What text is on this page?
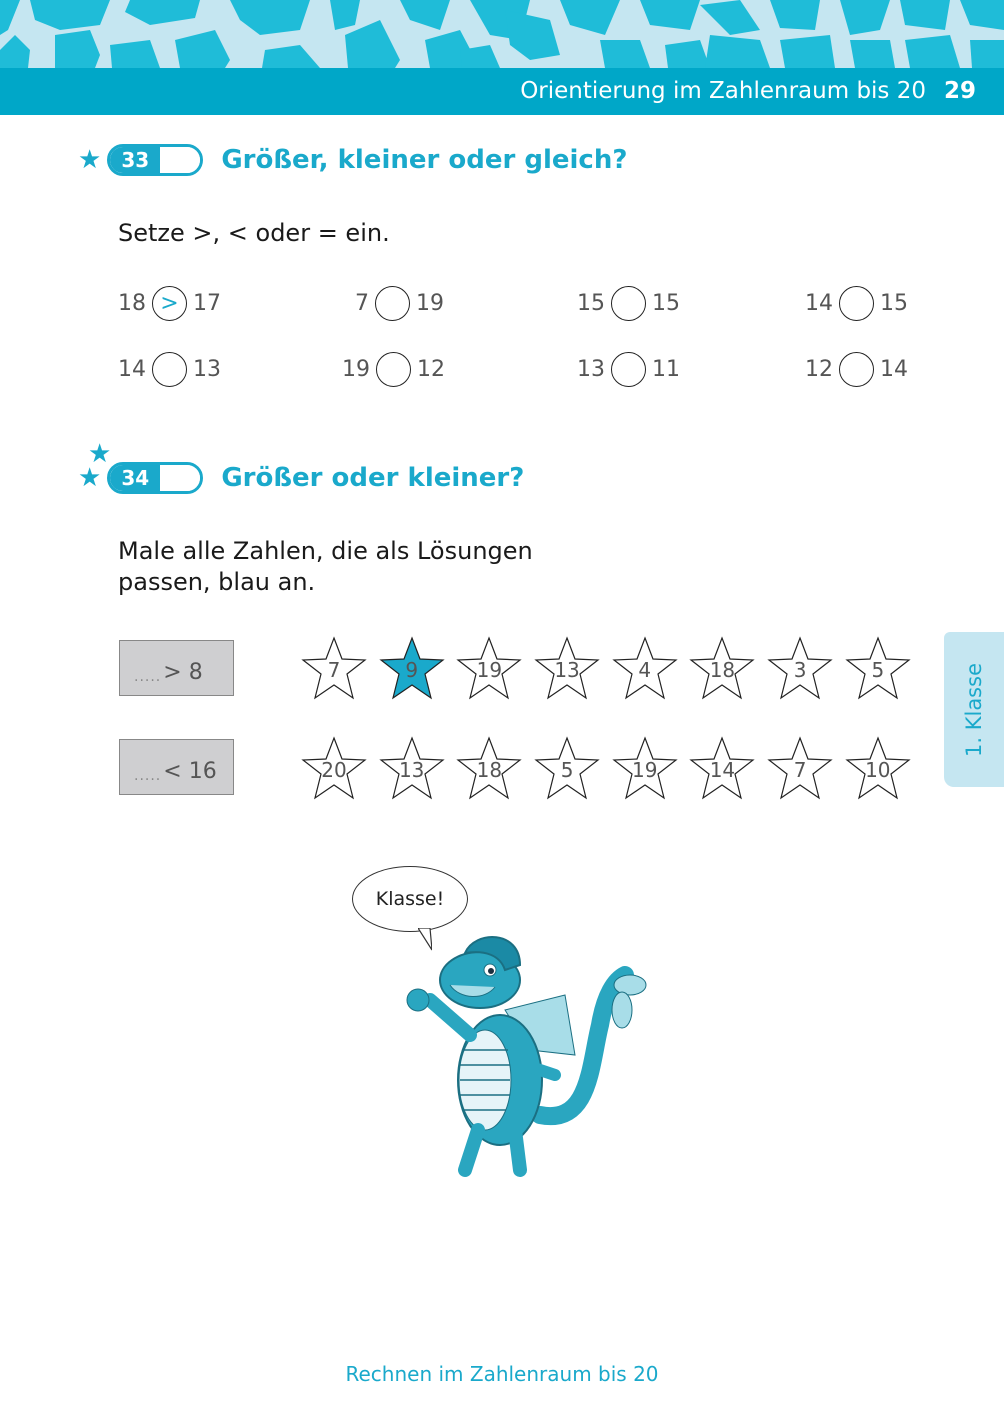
Orientierung im Zahlenraum bis 20 29
★	33	Größer, kleiner oder gleich?
Setze >, < oder = ein.
18 > 17	7 19	15 15	14 15
14 13	19 12	13 11	12 14
★
★	34	Größer oder kleiner?
Male alle Zahlen, die als Lösungen
passen, blau an.
..... > 8	7	9	19	13	4	18	3	5
..... < 16	20	13	18	5	19	14	7	10
1. Klasse
Klasse!
Rechnen im Zahlenraum bis 20
